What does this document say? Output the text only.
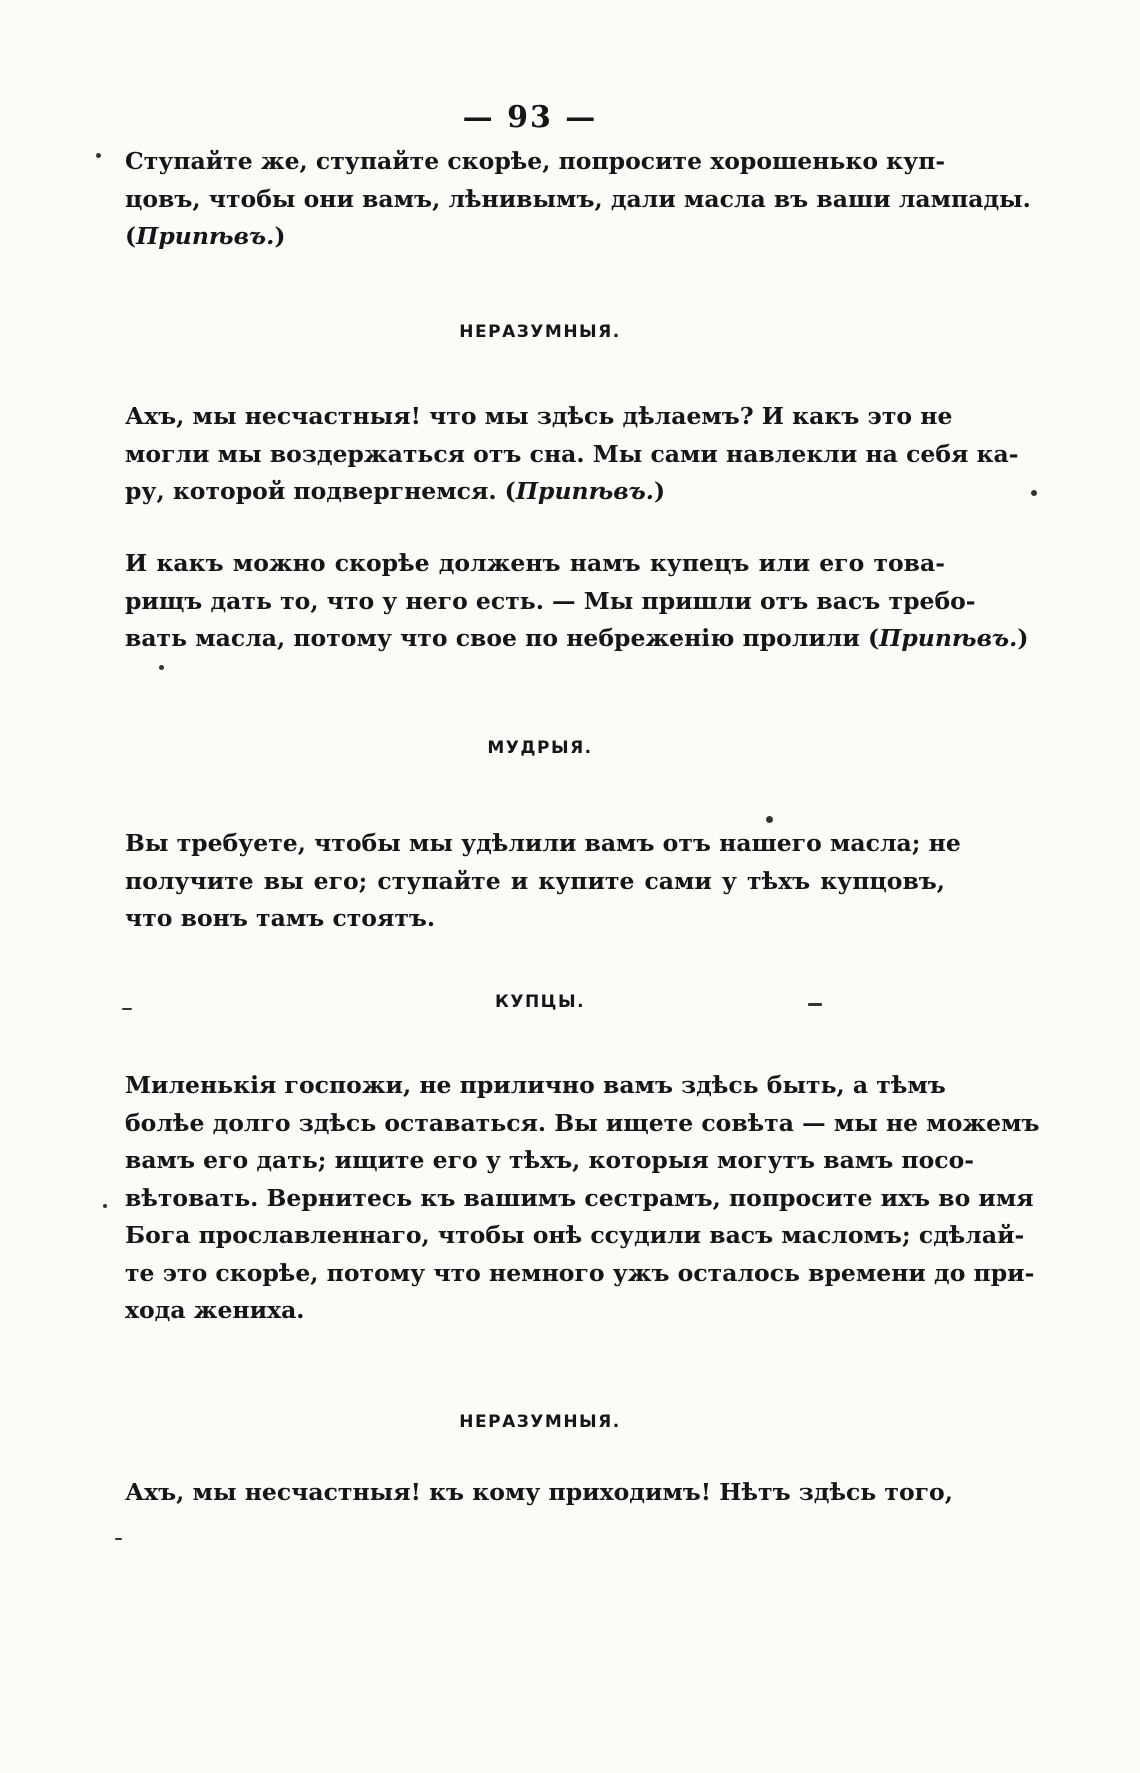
— 93 —
Ступайте же, ступайте скорѣе, попросите хорошенько куп-
цовъ, чтобы они вамъ, лѣнивымъ, дали масла въ ваши лампады.
(Припѣвъ.)
НЕРАЗУМНЫЯ.
Ахъ, мы несчастныя! что мы здѣсь дѣлаемъ? И какъ это не
могли мы воздержаться отъ сна. Мы сами навлекли на себя ка-
ру, которой подвергнемся. (Припѣвъ.)
И какъ можно скорѣе долженъ намъ купецъ или его това-
рищъ дать то, что у него есть. — Мы пришли отъ васъ требо-
вать масла, потому что свое по небреженію пролили (Припѣвъ.)
МУДРЫЯ.
Вы требуете, чтобы мы удѣлили вамъ отъ нашего масла; не
получите вы его; ступайте и купите сами у тѣхъ купцовъ,
что вонъ тамъ стоятъ.
КУПЦЫ.
Миленькія госпожи, не прилично вамъ здѣсь быть, а тѣмъ
болѣе долго здѣсь оставаться. Вы ищете совѣта — мы не можемъ
вамъ его дать; ищите его у тѣхъ, которыя могутъ вамъ посо-
вѣтовать. Вернитесь къ вашимъ сестрамъ, попросите ихъ во имя
Бога прославленнаго, чтобы онѣ ссудили васъ масломъ; сдѣлай-
те это скорѣе, потому что немного ужъ осталось времени до при-
хода жениха.
НЕРАЗУМНЫЯ.
Ахъ, мы несчастныя! къ кому приходимъ! Нѣтъ здѣсь того,
